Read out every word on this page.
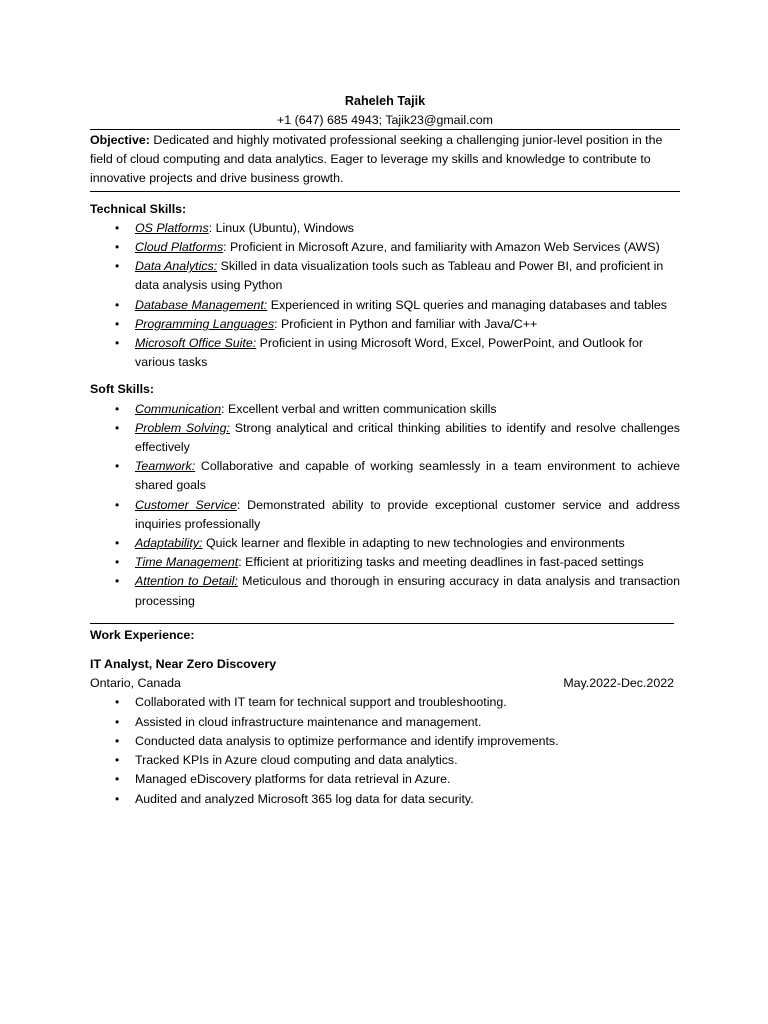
Raheleh Tajik

+1 (647) 685 4943; Tajik23@gmail.com

Objective: Dedicated and highly motivated professional seeking a challenging junior-level position in the field of cloud computing and data analytics. Eager to leverage my skills and knowledge to contribute to innovative projects and drive business growth.
Technical Skills:
• OS Platforms: Linux (Ubuntu), Windows
• Cloud Platforms: Proficient in Microsoft Azure, and familiarity with Amazon Web Services (AWS)
• Data Analytics: Skilled in data visualization tools such as Tableau and Power BI, and proficient in data analysis using Python
• Database Management: Experienced in writing SQL queries and managing databases and tables
• Programming Languages: Proficient in Python and familiar with Java/C++
• Microsoft Office Suite: Proficient in using Microsoft Word, Excel, PowerPoint, and Outlook for various tasks
Soft Skills:
• Communication: Excellent verbal and written communication skills
• Problem Solving: Strong analytical and critical thinking abilities to identify and resolve challenges effectively
• Teamwork: Collaborative and capable of working seamlessly in a team environment to achieve shared goals
• Customer Service: Demonstrated ability to provide exceptional customer service and address inquiries professionally
• Adaptability: Quick learner and flexible in adapting to new technologies and environments
• Time Management: Efficient at prioritizing tasks and meeting deadlines in fast-paced settings
• Attention to Detail: Meticulous and thorough in ensuring accuracy in data analysis and transaction processing
Work Experience:
IT Analyst, Near Zero Discovery
Ontario, Canada	May.2022-Dec.2022
• Collaborated with IT team for technical support and troubleshooting.
• Assisted in cloud infrastructure maintenance and management.
• Conducted data analysis to optimize performance and identify improvements.
• Tracked KPIs in Azure cloud computing and data analytics.
• Managed eDiscovery platforms for data retrieval in Azure.
• Audited and analyzed Microsoft 365 log data for data security.
